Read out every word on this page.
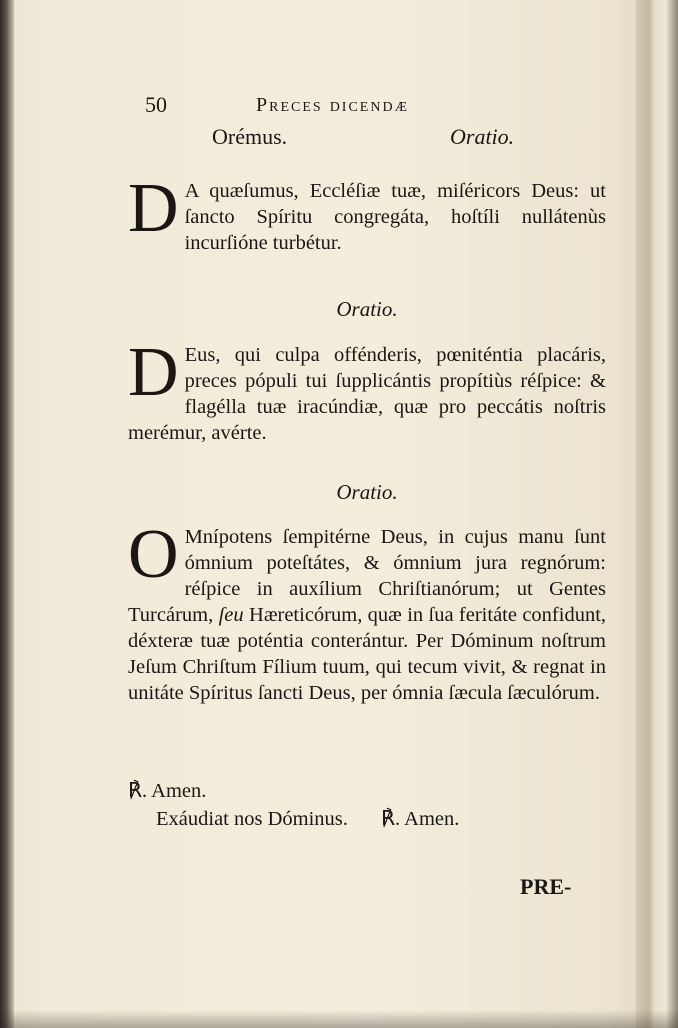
50	Preces dicendæ
Orémus.	Oratio.
D A quæſumus, Eccléſiæ tuæ, miſéricors Deus: ut ſancto Spíritu congregáta, hoſtíli nullátenùs incurſióne turbétur.

Oratio.
D Eus, qui culpa offénderis, pœniténtia placáris, preces pópuli tui ſupplicántis propítiùs réſpice: & flagélla tuæ iracúndiæ, quæ pro peccátis noſtris merémur, avérte.

Oratio.
O Mnípotens ſempitérne Deus, in cujus manu ſunt ómnium poteſtátes, & ómnium jura regnórum: réſpice in auxílium Chriſtianórum; ut Gentes Turcárum, ſeu Hæreticórum, quæ in ſua feritáte confidunt, déxteræ tuæ poténtia conterántur. Per Dóminum noſtrum Jeſum Chriſtum Fílium tuum, qui tecum vivit, & regnat in unitáte Spíritus ſancti Deus, per ómnia ſæcula ſæculórum.

℟. Amen.
Exáudiat nos Dóminus. ℟. Amen.
PRE-
